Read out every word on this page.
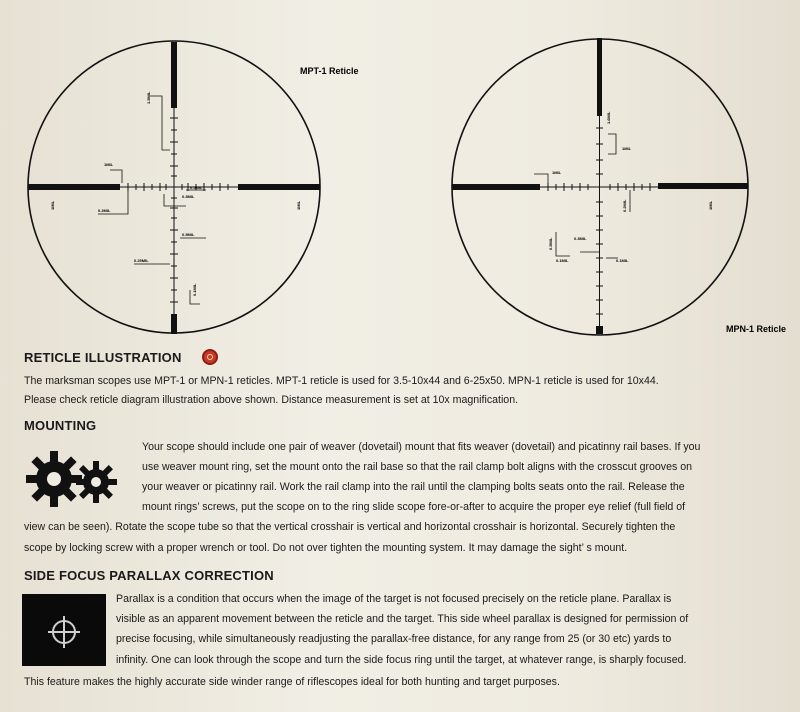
1.5MIL
1MIL
0.5MIL
0.3MIL
0.2MIL
1MIL
0.5MIL
0.25MIL
1MIL
0.1MIL
MPT-1 Reticle
1.6MIL
1MIL
1MIL
0.2MIL	1MIL
0.5MIL
0.1MIL	0.1MIL
0.3MIL
MPN-1 Reticle
RETICLE ILLUSTRATION

The marksman scopes use MPT-1 or MPN-1 reticles. MPT-1 reticle is used for 3.5-10x44 and 6-25x50. MPN-1 reticle is used for 10x44.

Please check reticle diagram illustration above shown. Distance measurement is set at 10x magnification.

MOUNTING

Your scope should include one pair of weaver (dovetail) mount that fits weaver (dovetail) and picatinny rail bases. If you

use weaver mount ring, set the mount onto the rail base so that the rail clamp bolt aligns with the crosscut grooves on

your weaver or picatinny rail. Work the rail clamp into the rail until the clamping bolts seats onto the rail. Release the

mount rings’ screws, put the scope on to the ring slide scope fore-or-after to acquire the proper eye relief (full field of

view can be seen). Rotate the scope tube so that the vertical crosshair is vertical and horizontal crosshair is horizontal. Securely tighten the

scope by locking screw with a proper wrench or tool. Do not over tighten the mounting system. It may damage the sight’ s mount.

SIDE FOCUS PARALLAX CORRECTION

Parallax is a condition that occurs when the image of the target is not focused precisely on the reticle plane. Parallax is

visible as an apparent movement between the reticle and the target. This side wheel parallax is designed for permission of

precise focusing, while simultaneously readjusting the parallax-free distance, for any range from 25 (or 30 etc) yards to

infinity. One can look through the scope and turn the side focus ring until the target, at whatever range, is sharply focused.

This feature makes the highly accurate side winder range of riflescopes ideal for both hunting and target purposes.
